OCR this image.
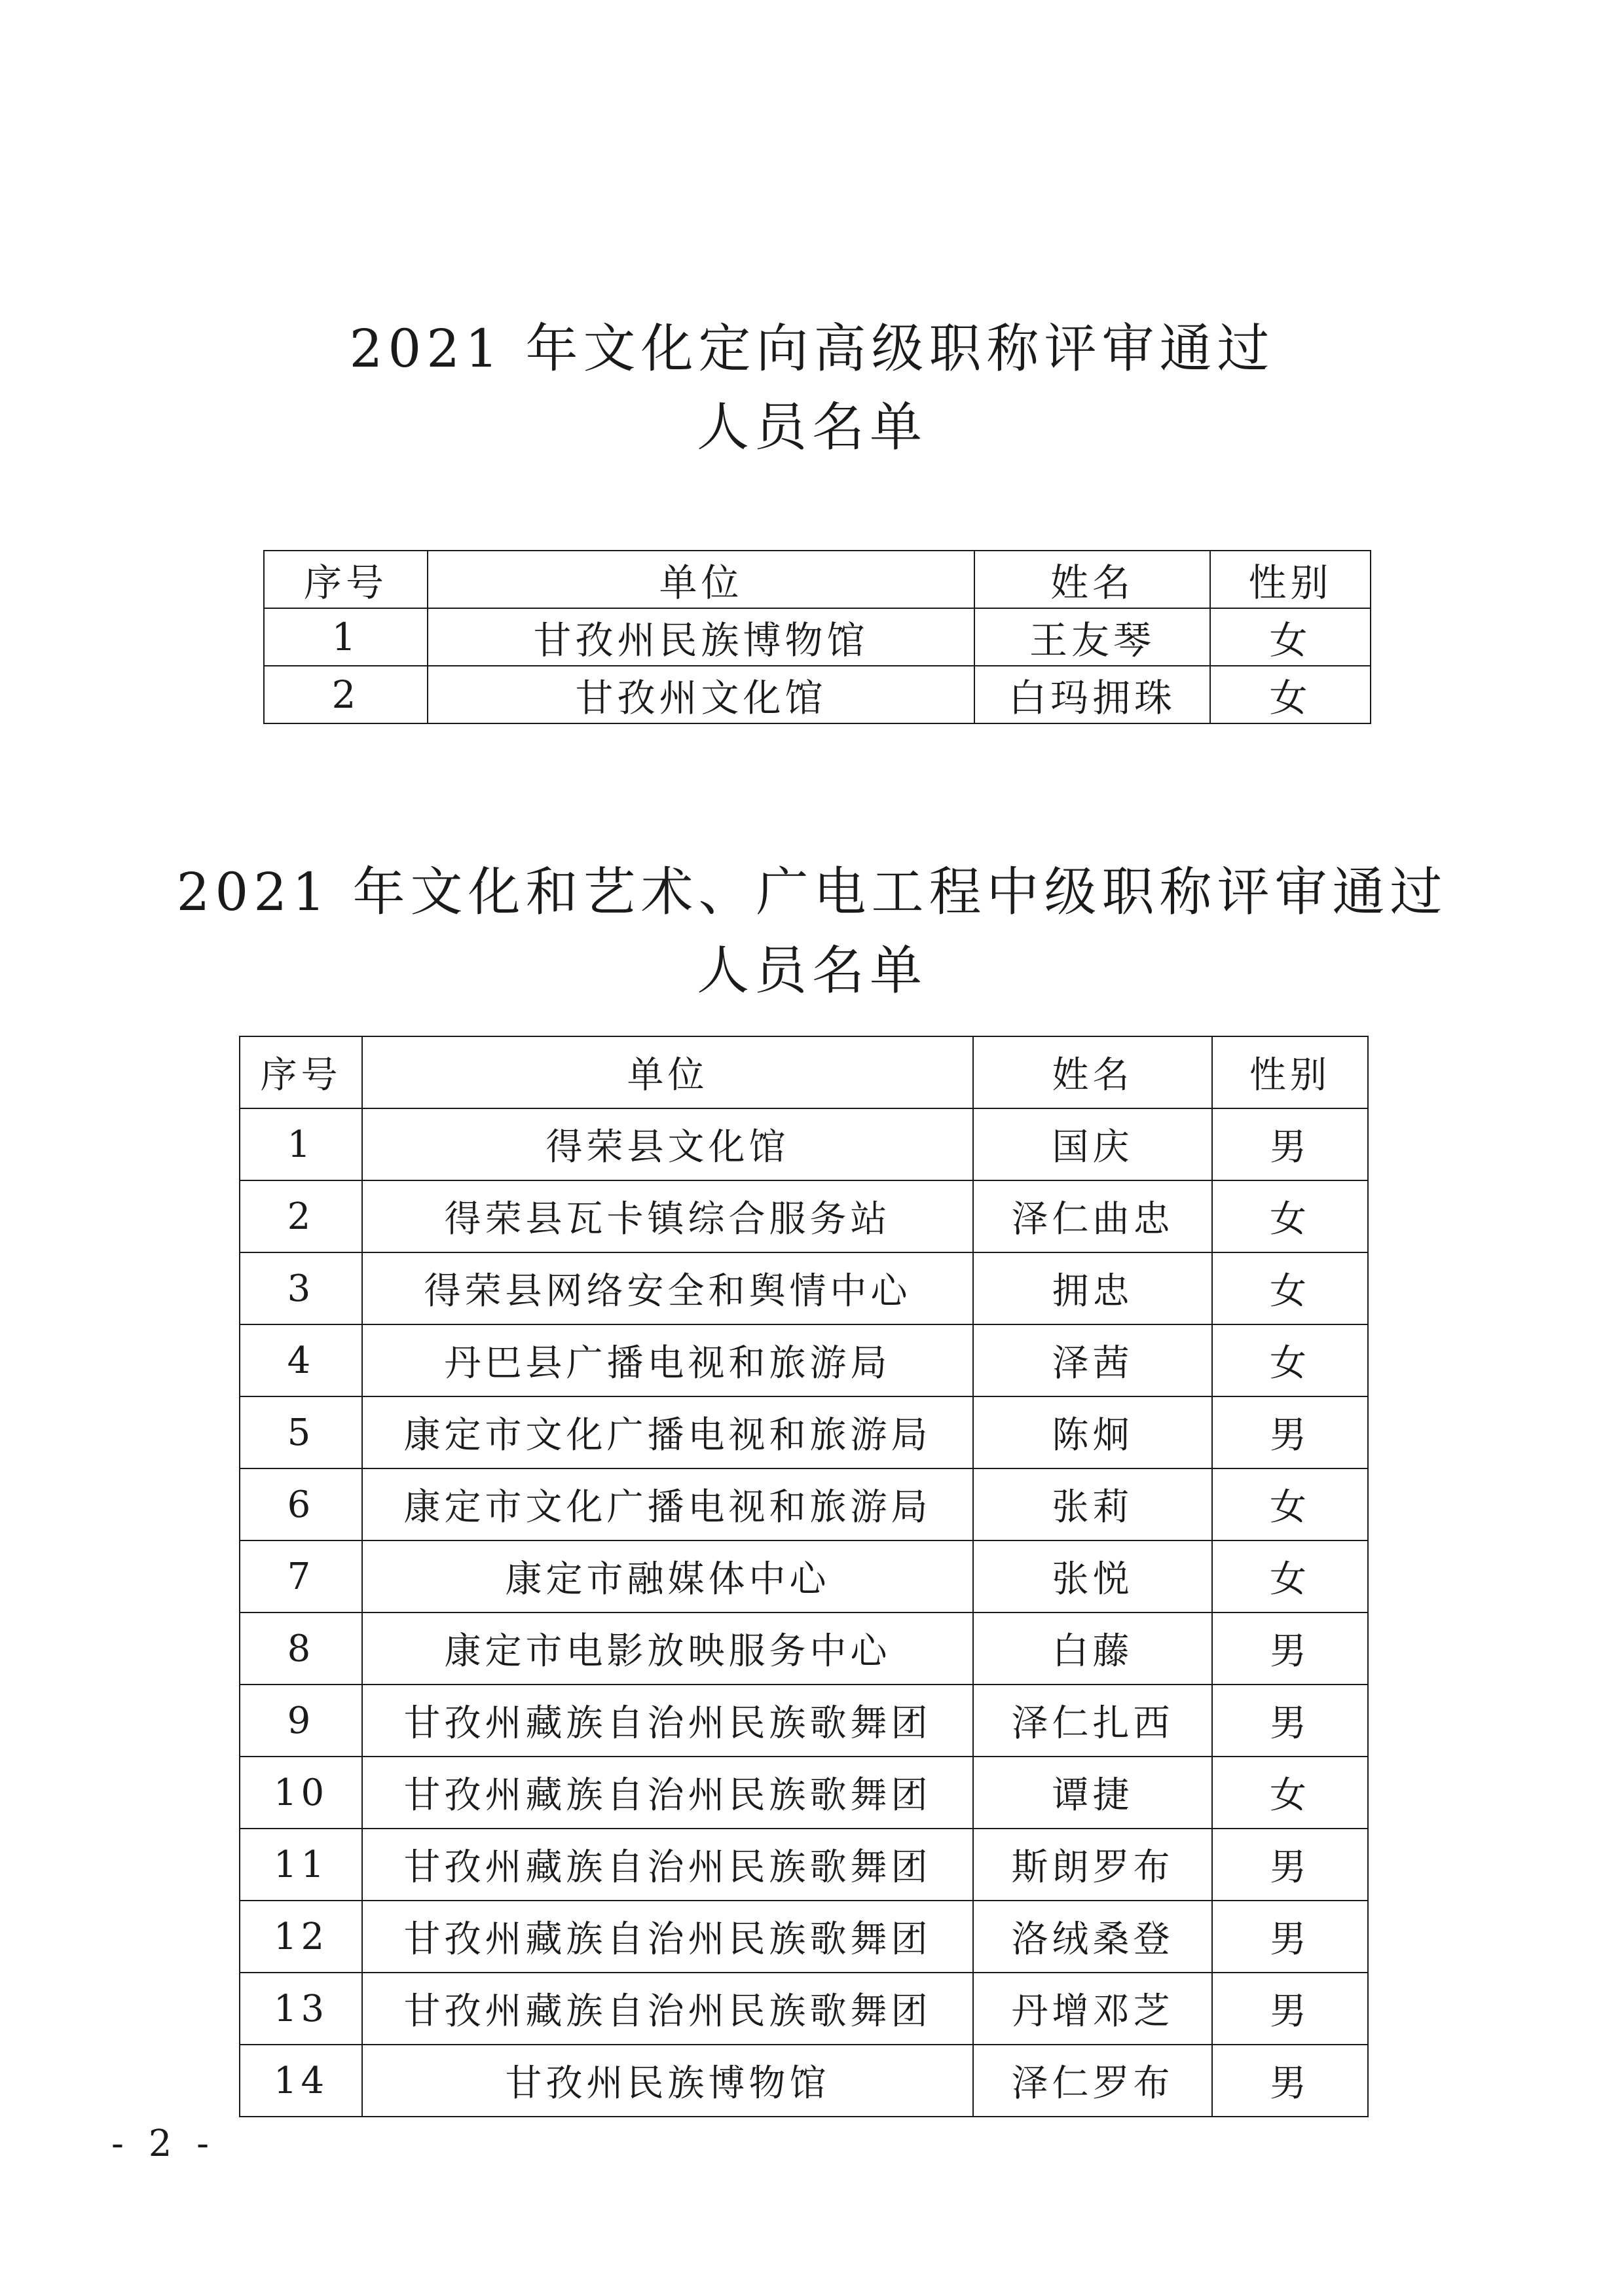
2021 年文化定向高级职称评审通过
人员名单
序号	单位	姓名	性别
1	甘孜州民族博物馆	王友琴	女
2	甘孜州文化馆	白玛拥珠	女
2021 年文化和艺术、广电工程中级职称评审通过
人员名单
序号	单位	姓名	性别
1	得荣县文化馆	国庆	男
2	得荣县瓦卡镇综合服务站	泽仁曲忠	女
3	得荣县网络安全和舆情中心	拥忠	女
4	丹巴县广播电视和旅游局	泽茜	女
5	康定市文化广播电视和旅游局	陈炯	男
6	康定市文化广播电视和旅游局	张莉	女
7	康定市融媒体中心	张悦	女
8	康定市电影放映服务中心	白藤	男
9	甘孜州藏族自治州民族歌舞团	泽仁扎西	男
10	甘孜州藏族自治州民族歌舞团	谭捷	女
11	甘孜州藏族自治州民族歌舞团	斯朗罗布	男
12	甘孜州藏族自治州民族歌舞团	洛绒桑登	男
13	甘孜州藏族自治州民族歌舞团	丹增邓芝	男
14	甘孜州民族博物馆	泽仁罗布	男
- 2 -
